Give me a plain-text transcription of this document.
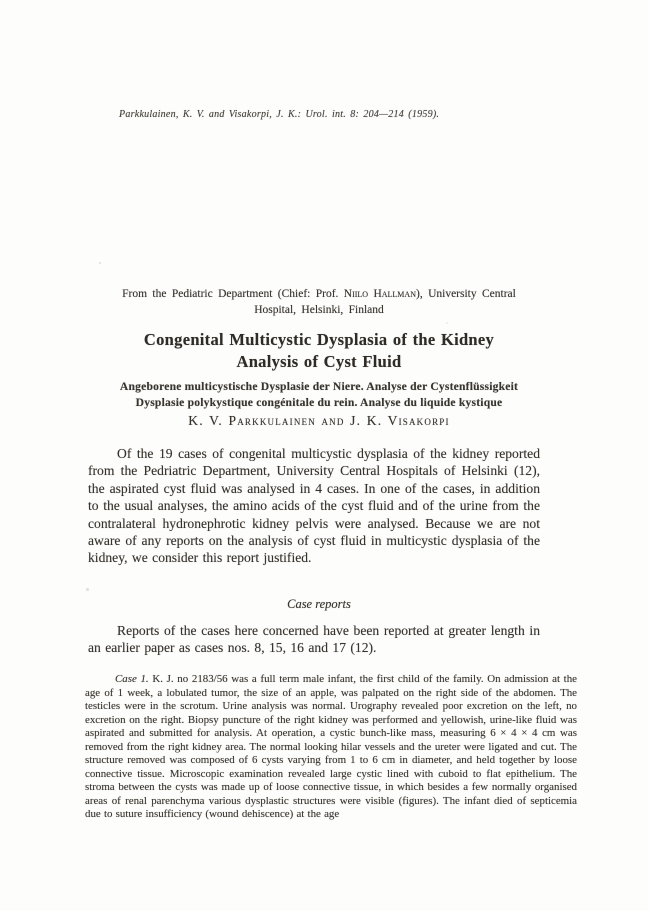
Parkkulainen, K. V. and Visakorpi, J. K.: Urol. int. 8: 204—214 (1959).
From the Pediatric Department (Chief: Prof. Niilo Hallman), University Central
Hospital, Helsinki, Finland
Congenital Multicystic Dysplasia of the Kidney
Analysis of Cyst Fluid
Angeborene multicystische Dysplasie der Niere. Analyse der Cystenflüssigkeit
Dysplasie polykystique congénitale du rein. Analyse du liquide kystique
K. V. Parkkulainen and J. K. Visakorpi

Of the 19 cases of congenital multicystic dysplasia of the kidney reported from the Pedriatric Department, University Central Hospitals of Helsinki (12), the aspirated cyst fluid was analysed in 4 cases. In one of the cases, in addition to the usual analyses, the amino acids of the cyst fluid and of the urine from the contralateral hydronephrotic kidney pelvis were analysed. Because we are not aware of any reports on the analysis of cyst fluid in multicystic dysplasia of the kidney, we consider this report justified.

Case reports

Reports of the cases here concerned have been reported at greater length in an earlier paper as cases nos. 8, 15, 16 and 17 (12).

Case 1. K. J. no 2183/56 was a full term male infant, the first child of the family. On admission at the age of 1 week, a lobulated tumor, the size of an apple, was palpated on the right side of the abdomen. The testicles were in the scrotum. Urine analysis was normal. Urography revealed poor excretion on the left, no excretion on the right. Biopsy puncture of the right kidney was performed and yellowish, urine-like fluid was aspirated and submitted for analysis. At operation, a cystic bunch-like mass, measuring 6 × 4 × 4 cm was removed from the right kidney area. The normal looking hilar vessels and the ureter were ligated and cut. The structure removed was composed of 6 cysts varying from 1 to 6 cm in diameter, and held together by loose connective tissue. Microscopic examination revealed large cystic lined with cuboid to flat epithelium. The stroma between the cysts was made up of loose connective tissue, in which besides a few normally organised areas of renal parenchyma various dysplastic structures were visible (figures). The infant died of septicemia due to suture insufficiency (wound dehiscence) at the age
